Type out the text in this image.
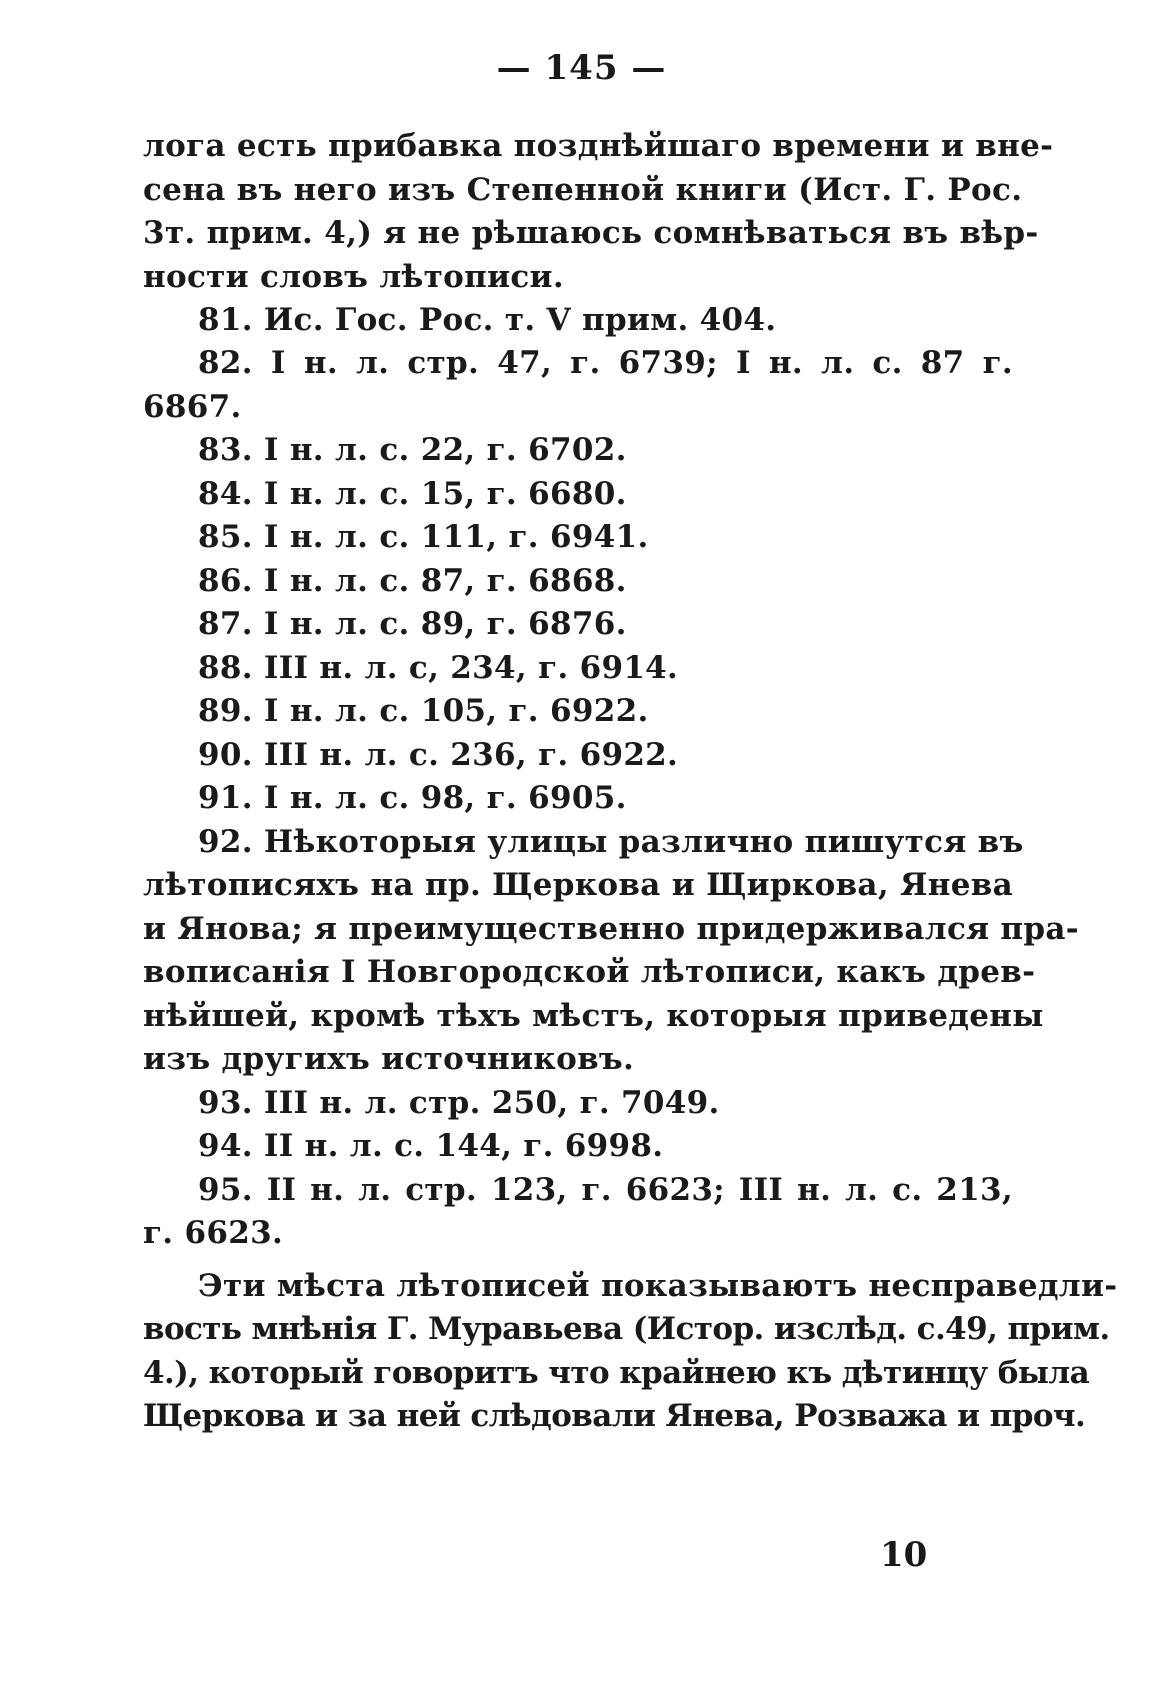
— 145 —
лога есть прибавка позднѣйшаго времени и вне-
сена въ него изъ Степенной книги (Ист. Г. Рос.
3т. прим. 4,) я не рѣшаюсь сомнѣваться въ вѣр-
ности словъ лѣтописи.
81. Ис. Гос. Рос. т. V прим. 404.
82. I н. л. стр. 47, г. 6739; I н. л. с. 87 г.
6867.
83. I н. л. с. 22, г. 6702.
84. I н. л. с. 15, г. 6680.
85. I н. л. с. 111, г. 6941.
86. I н. л. с. 87, г. 6868.
87. I н. л. с. 89, г. 6876.
88. III н. л. с, 234, г. 6914.
89. I н. л. с. 105, г. 6922.
90. III н. л. с. 236, г. 6922.
91. I н. л. с. 98, г. 6905.
92. Нѣкоторыя улицы различно пишутся въ
лѣтописяхъ на пр. Щеркова и Щиркова, Янева
и Янова; я преимущественно придерживался пра-
вописанія I Новгородской лѣтописи, какъ древ-
нѣйшей, кромѣ тѣхъ мѣстъ, которыя приведены
изъ другихъ источниковъ.
93. III н. л. стр. 250, г. 7049.
94. II н. л. с. 144, г. 6998.
95. II н. л. стр. 123, г. 6623; III н. л. с. 213,
г. 6623.
Эти мѣста лѣтописей показываютъ несправедли-
вость мнѣнія Г. Муравьева (Истор. изслѣд. с.49, прим.
4.), который говоритъ что крайнею къ дѣтинцу была
Щеркова и за ней слѣдовали Янева, Розважа и проч.
10
